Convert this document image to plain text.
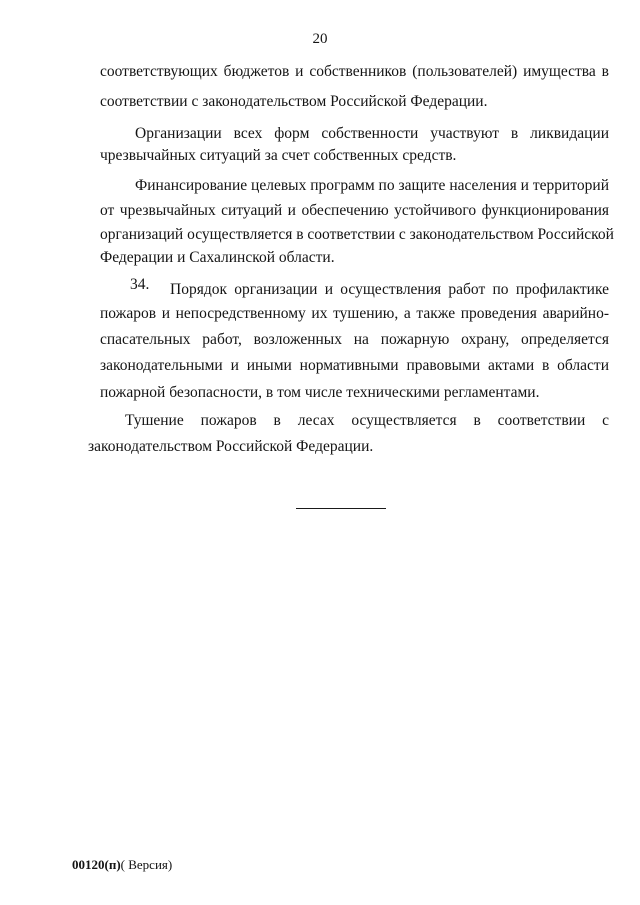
20
соответствующих бюджетов и собственников (пользователей) имущества в
соответствии с законодательством Российской Федерации.
Организации всех форм собственности участвуют в ликвидации
чрезвычайных ситуаций за счет собственных средств.
Финансирование целевых программ по защите населения и территорий
от чрезвычайных ситуаций и обеспечению устойчивого функционирования
организаций осуществляется в соответствии с законодательством Российской
Федерации и Сахалинской области.
34. Порядок организации и осуществления работ по профилактике
пожаров и непосредственному их тушению, а также проведения аварийно-
спасательных работ, возложенных на пожарную охрану, определяется
законодательными и иными нормативными правовыми актами в области
пожарной безопасности, в том числе техническими регламентами.
Тушение пожаров в лесах осуществляется в соответствии с
законодательством Российской Федерации.
00120(п)( Версия)
